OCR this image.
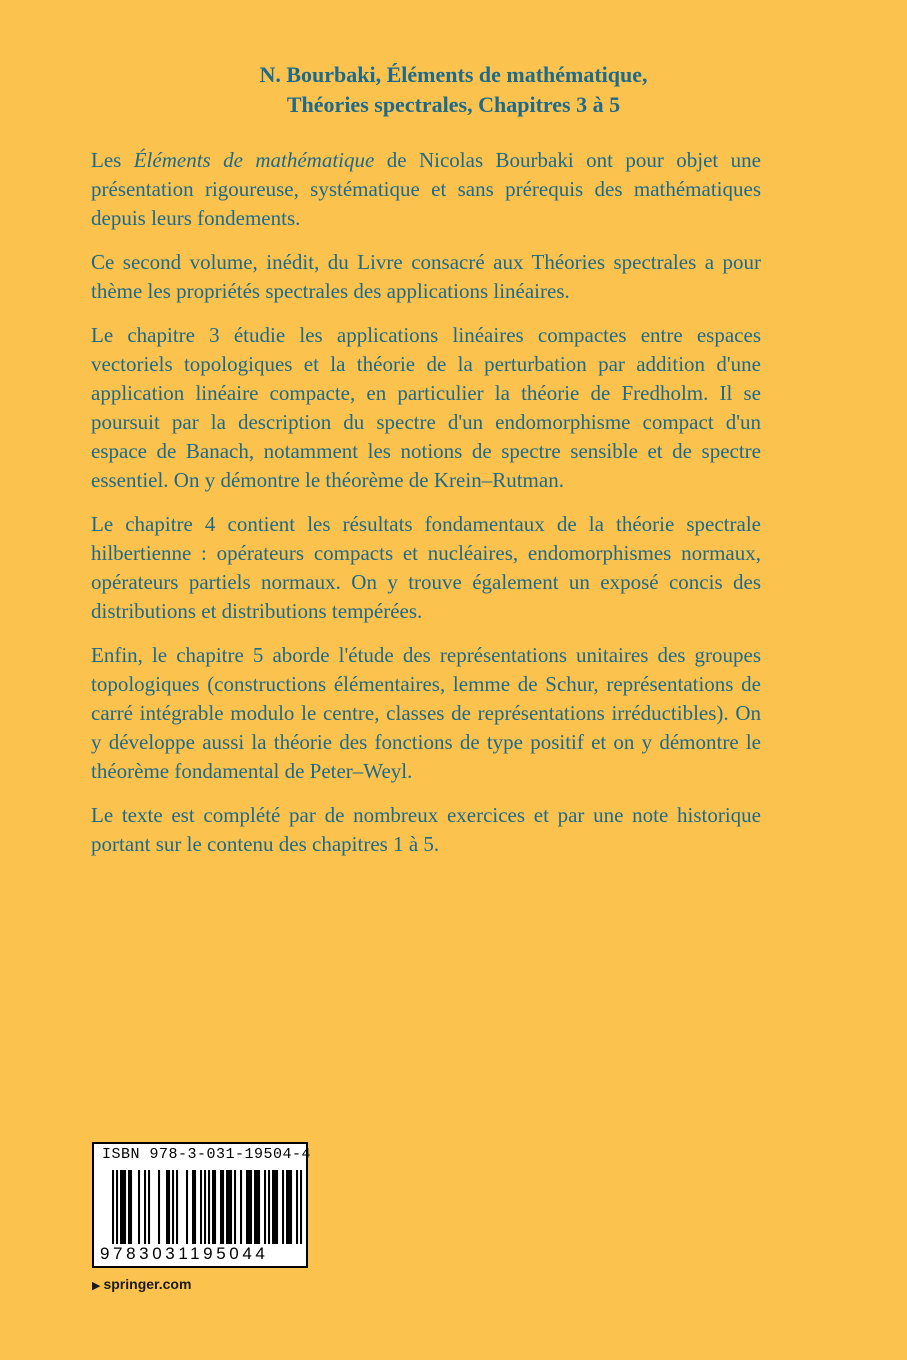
N. Bourbaki, Éléments de mathématique,
Théories spectrales, Chapitres 3 à 5

Les Éléments de mathématique de Nicolas Bourbaki ont pour objet une présentation rigoureuse, systématique et sans prérequis des mathématiques depuis leurs fondements.

Ce second volume, inédit, du Livre consacré aux Théories spectrales a pour thème les propriétés spectrales des applications linéaires.

Le chapitre 3 étudie les applications linéaires compactes entre espaces vectoriels topologiques et la théorie de la perturbation par addition d'une application linéaire compacte, en particulier la théorie de Fredholm. Il se poursuit par la description du spectre d'un endomorphisme compact d'un espace de Banach, notamment les notions de spectre sensible et de spectre essentiel. On y démontre le théorème de Krein–Rutman.

Le chapitre 4 contient les résultats fondamentaux de la théorie spectrale hilbertienne : opérateurs compacts et nucléaires, endomorphismes normaux, opérateurs partiels normaux. On y trouve également un exposé concis des distributions et distributions tempérées.

Enfin, le chapitre 5 aborde l'étude des représentations unitaires des groupes topologiques (constructions élémentaires, lemme de Schur, représentations de carré intégrable modulo le centre, classes de représentations irréductibles). On y développe aussi la théorie des fonctions de type positif et on y démontre le théorème fondamental de Peter–Weyl.

Le texte est complété par de nombreux exercices et par une note historique portant sur le contenu des chapitres 1 à 5.

ISBN 978-3-031-19504-4
9783031195044
▶ springer.com
